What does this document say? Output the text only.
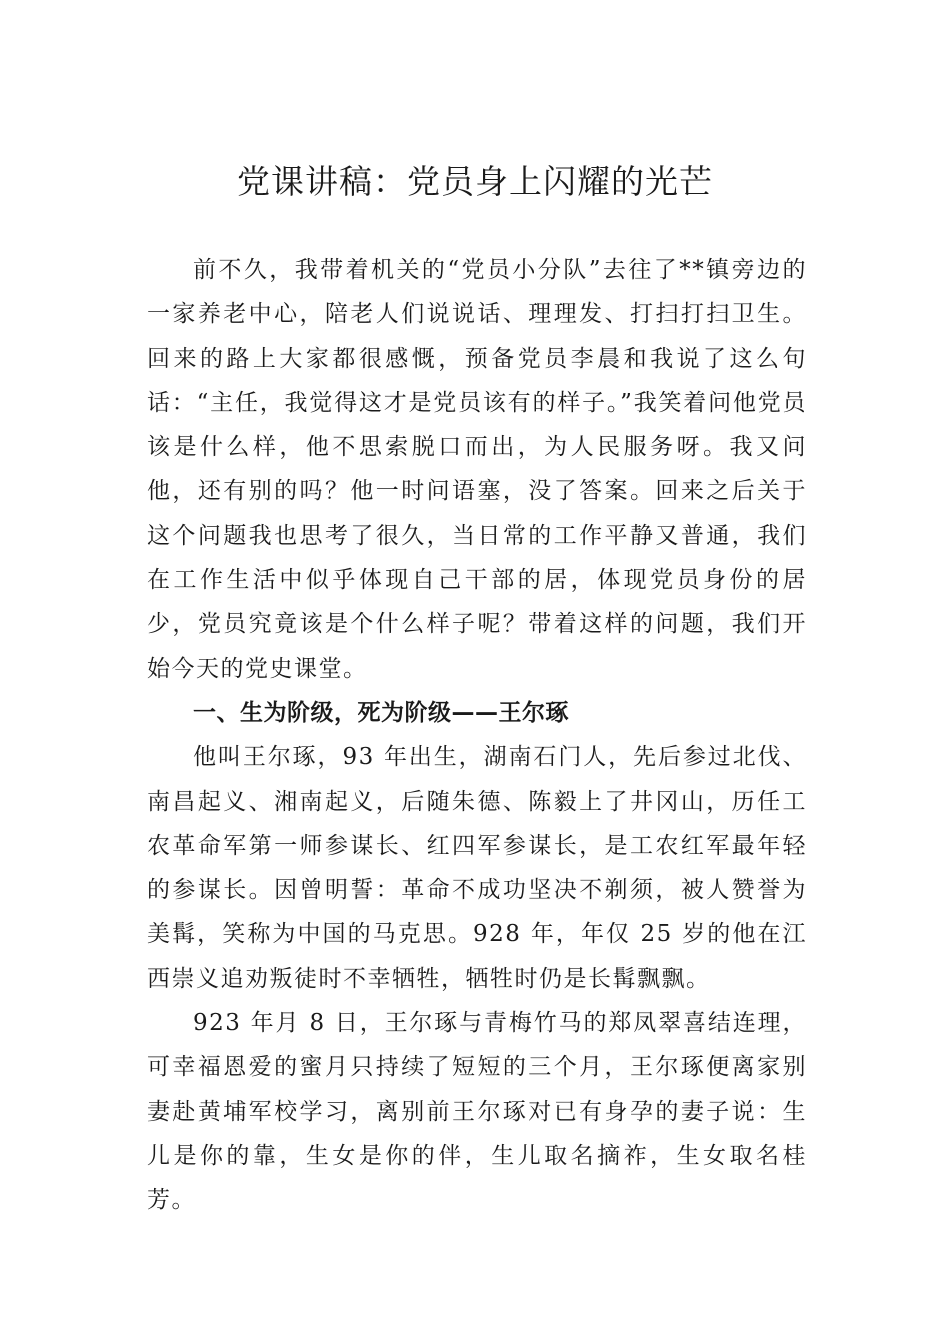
党课讲稿：党员身上闪耀的光芒

前不久，我带着机关的“党员小分队”去往了**镇旁边的一家养老中心，陪老人们说说话、理理发、打扫打扫卫生。回来的路上大家都很感慨，预备党员李晨和我说了这么句话：“主任，我觉得这才是党员该有的样子。”我笑着问他党员该是什么样，他不思索脱口而出，为人民服务呀。我又问他，还有别的吗？他一时问语塞，没了答案。回来之后关于这个问题我也思考了很久，当日常的工作平静又普通，我们在工作生活中似乎体现自己干部的居，体现党员身份的居少，党员究竟该是个什么样子呢？带着这样的问题，我们开始今天的党史课堂。

一、生为阶级，死为阶级——王尔琢

他叫王尔琢，93 年出生，湖南石门人，先后参过北伐、南昌起义、湘南起义，后随朱德、陈毅上了井冈山，历任工农革命军第一师参谋长、红四军参谋长，是工农红军最年轻的参谋长。因曾明誓：革命不成功坚决不剃须，被人赞誉为美髯，笑称为中国的马克思。928 年，年仅 25 岁的他在江西崇义追劝叛徒时不幸牺牲，牺牲时仍是长髯飘飘。

923 年月 8 日，王尔琢与青梅竹马的郑凤翠喜结连理，可幸福恩爱的蜜月只持续了短短的三个月，王尔琢便离家别妻赴黄埔军校学习，离别前王尔琢对已有身孕的妻子说：生儿是你的靠，生女是你的伴，生儿取名摘祚，生女取名桂芳。
